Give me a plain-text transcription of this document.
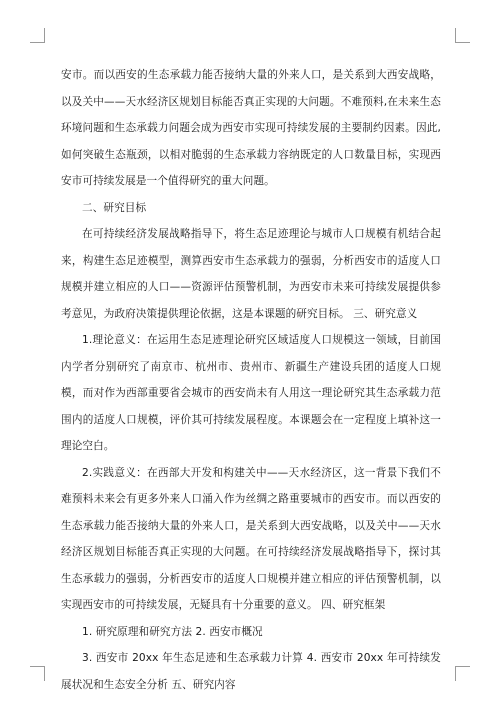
安市。而以西安的生态承载力能否接纳大量的外来人口，是关系到大西安战略，以及关中——天水经济区规划目标能否真正实现的大问题。不难预料,在未来生态环境问题和生态承载力问题会成为西安市实现可持续发展的主要制约因素。因此,如何突破生态瓶颈，以相对脆弱的生态承载力容纳既定的人口数量目标，实现西安市可持续发展是一个值得研究的重大问题。

二、研究目标

在可持续经济发展战略指导下，将生态足迹理论与城市人口规模有机结合起来，构建生态足迹模型，测算西安市生态承载力的强弱，分析西安市的适度人口规模并建立相应的人口——资源评估预警机制，为西安市未来可持续发展提供参考意见，为政府决策提供理论依据，这是本课题的研究目标。 三、研究意义

1.理论意义：在运用生态足迹理论研究区域适度人口规模这一领域，目前国内学者分别研究了南京市、杭州市、贵州市、新疆生产建设兵团的适度人口规模，而对作为西部重要省会城市的西安尚未有人用这一理论研究其生态承载力范围内的适度人口规模，评价其可持续发展程度。本课题会在一定程度上填补这一理论空白。

2.实践意义：在西部大开发和构建关中——天水经济区，这一背景下我们不难预料未来会有更多外来人口涌入作为丝绸之路重要城市的西安市。而以西安的生态承载力能否接纳大量的外来人口，是关系到大西安战略，以及关中——天水经济区规划目标能否真正实现的大问题。在可持续经济发展战略指导下，探讨其生态承载力的强弱，分析西安市的适度人口规模并建立相应的评估预警机制，以实现西安市的可持续发展，无疑具有十分重要的意义。 四、研究框架

1. 研究原理和研究方法 2. 西安市概况

3. 西安市 20xx 年生态足迹和生态承载力计算 4. 西安市 20xx 年可持续发展状况和生态安全分析 五、研究内容
